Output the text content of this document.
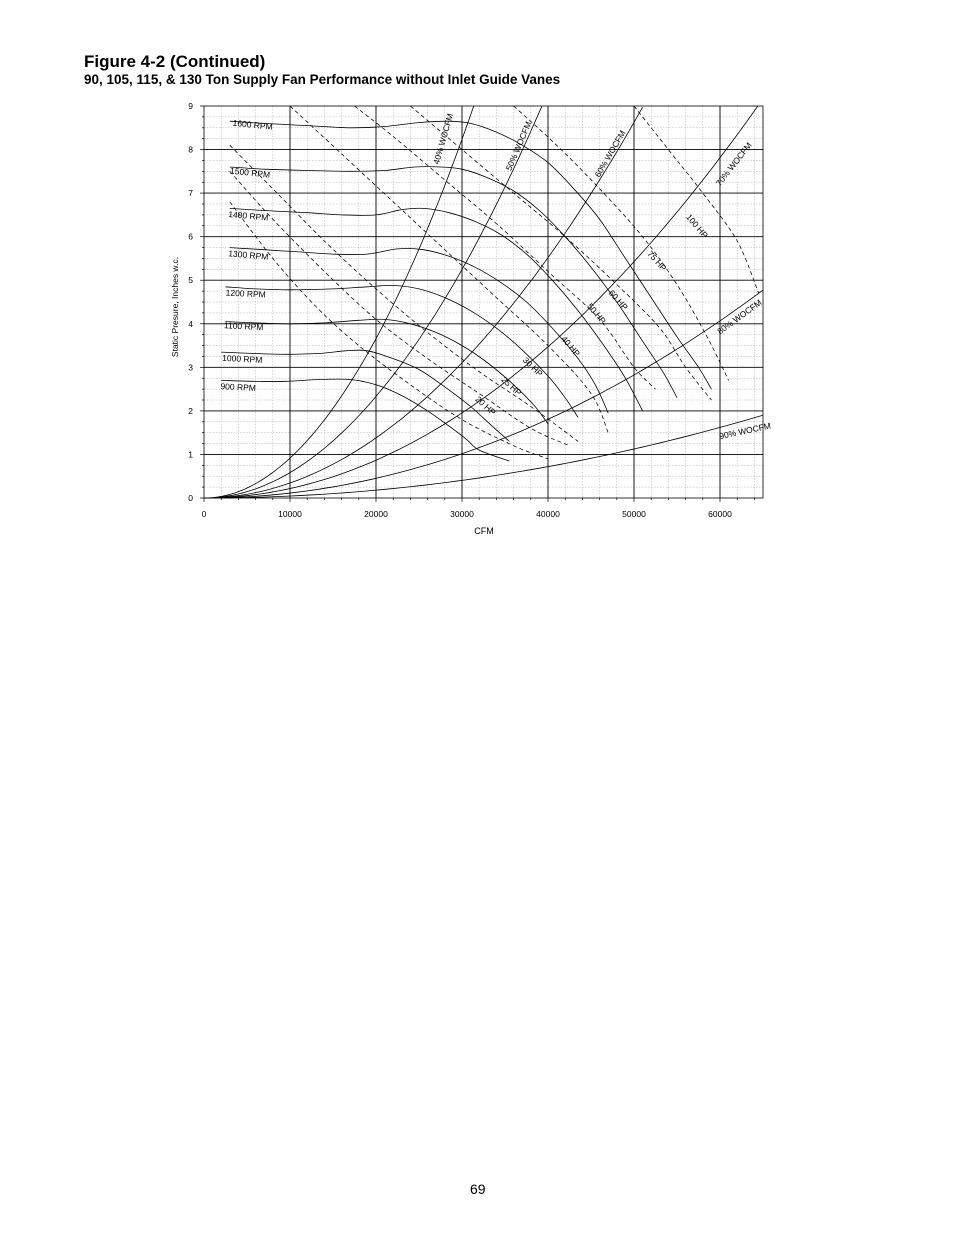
Figure 4-2 (Continued)
90, 105, 115, & 130 Ton Supply Fan Performance without Inlet Guide Vanes
1600 RPM
1500 RPM
1400 RPM
1300 RPM
1200 RPM
1100 RPM
1000 RPM
900 RPM
20 HP
25 HP
30 HP
40 HP
50 HP
60 HP
75 HP
100 HP
40% WOCFM	50% WOCFM	60% WOCFM	70% WOCFM
80% WOCFM
90% WOCFM
0
1
2
3
4
5
6
7
8
9
0	10000	20000	30000	40000	50000	60000
CFM
Static Presure, Inches w.c.
69
